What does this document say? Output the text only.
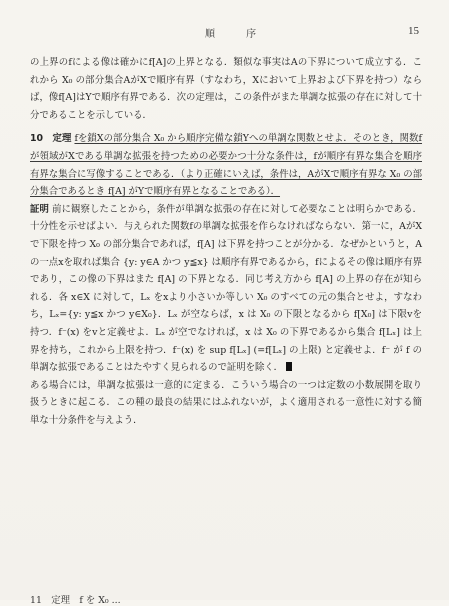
順 序	15

の上界のfによる像は確かにf[A]の上界となる．類似な事実はAの下界について成立する．これから X₀ の部分集合AがXで順序有界（すなわち，Xにおいて上界および下界を持つ）ならば，像f[A]はYで順序有界である．次の定理は，この条件がまた単調な拡張の存在に対して十分であることを示している．

10　定理 fを鎖Xの部分集合 X₀ から順序完備な鎖Yへの単調な関数とせよ．そのとき，関数fが領域がXである単調な拡張を持つための必要かつ十分な条件は，fが順序有界な集合を順序有界な集合に写像することである．（より正確にいえば，条件は，AがXで順序有界な X₀ の部分集合であるとき f[A] がYで順序有界となることである）．

証明 前に観察したことから，条件が単調な拡張の存在に対して必要なことは明らかである．十分性を示せばよい．与えられた関数fの単調な拡張を作らなければならない．第一に，AがXで下限を持つ X₀ の部分集合であれば，f[A] は下界を持つことが分かる．なぜかというと，Aの一点xを取れば集合 {y: y∈A かつ y≦x} は順序有界であるから，fによるその像は順序有界であり，この像の下界はまた f[A] の下界となる．同じ考え方から f[A] の上界の存在が知られる．各 x∈X に対して，Lₓ をxより小さいか等しい X₀ のすべての元の集合とせよ，すなわち，Lₓ={y: y≦x かつ y∈X₀}．Lₓ が空ならば，x は X₀ の下限となるから f[X₀] は下限vを持つ．f⁻(x) をvと定義せよ．Lₓ が空でなければ，x は X₀ の下界であるから集合 f[Lₓ] は上界を持ち，これから上限を持つ．f⁻(x) を sup f[Lₓ] (=f[Lₓ] の上限) と定義せよ．f⁻ が f の単調な拡張であることはたやすく見られるので証明を除く．

ある場合には，単調な拡張は一意的に定まる．こういう場合の一つは定数の小数展開を取り扱うときに起こる．この種の最良の結果にはふれないが，よく適用される一意性に対する簡単な十分条件を与えよう．

11　定理　f を X₀ ...
